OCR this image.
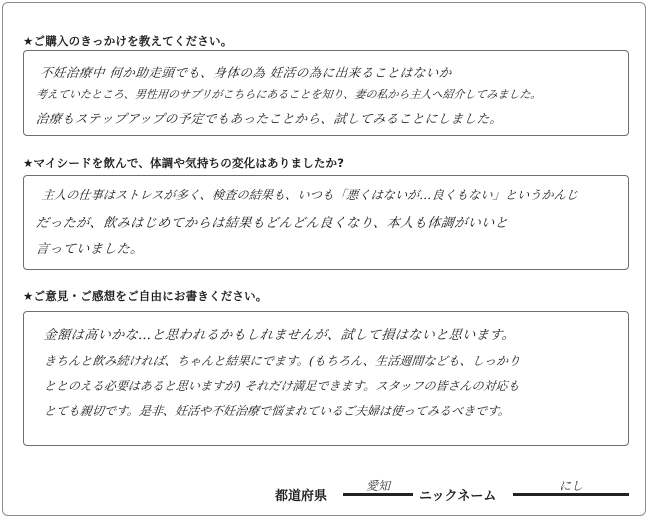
★ご購入のきっかけを教えてください。
不妊治療中 何か助走頭でも、身体の為 妊活の為に出来ることはないか
考えていたところ、男性用のサプリがこちらにあることを知り、妻の私から主人へ紹介してみました。
治療もステップアップの予定でもあったことから、試してみることにしました。
★マイシードを飲んで、体調や気持ちの変化はありましたか?
主人の仕事はストレスが多く、検査の結果も、いつも「悪くはないが…良くもない」というかんじ
だったが、飲みはじめてからは結果もどんどん良くなり、本人も体調がいいと
言っていました。
★ご意見・ご感想をご自由にお書きください。
金額は高いかな…と思われるかもしれませんが、試して損はないと思います。
きちんと飲み続ければ、ちゃんと結果にでます。(もちろん、生活週間なども、しっかり
ととのえる必要はあると思いますが) それだけ満足できます。スタッフの皆さんの対応も
とても親切です。是非、妊活や不妊治療で悩まれているご夫婦は使ってみるべきです。
都道府県
愛知
ニックネーム
にし
